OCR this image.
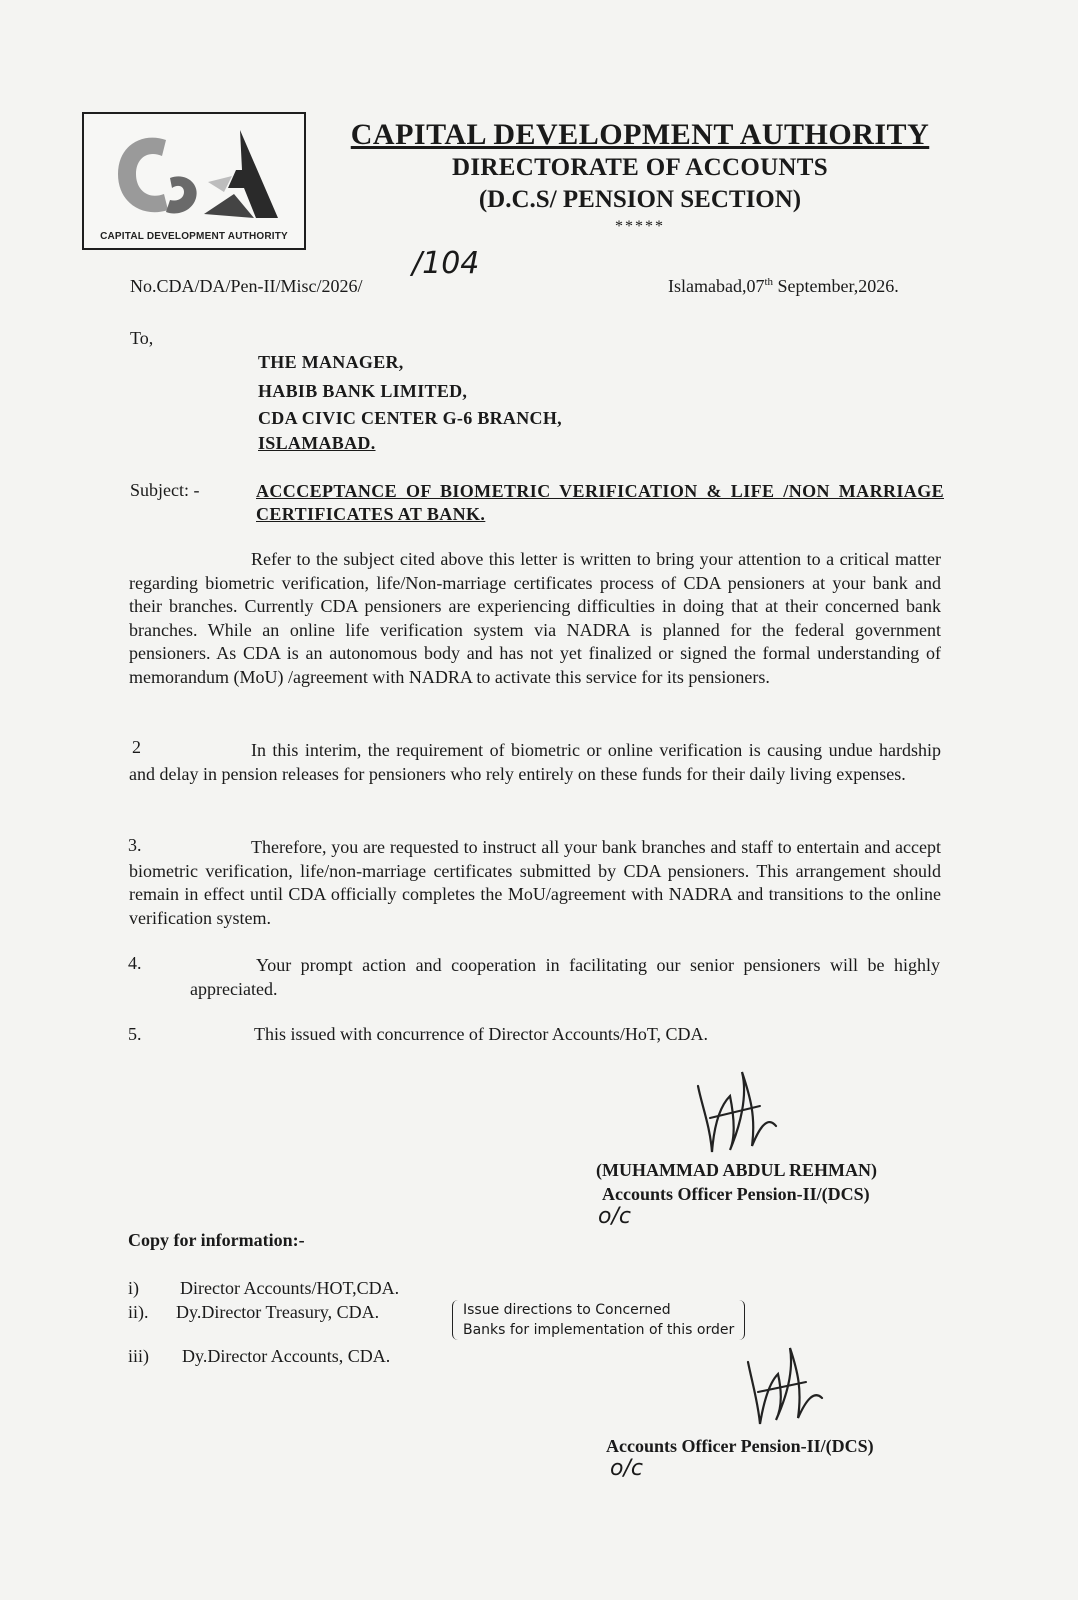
CAPITAL DEVELOPMENT AUTHORITY
CAPITAL DEVELOPMENT AUTHORITY
DIRECTORATE OF ACCOUNTS
(D.C.S/ PENSION SECTION)
*****
No.CDA/DA/Pen-II/Misc/2026/
/104
Islamabad,07th September,2026.
To,
THE MANAGER,
HABIB BANK LIMITED,
CDA CIVIC CENTER G-6 BRANCH,
ISLAMABAD.
Subject: -	ACCCEPTANCE OF BIOMETRIC VERIFICATION & LIFE /NON MARRIAGE CERTIFICATES AT BANK.
Refer to the subject cited above this letter is written to bring your attention to a critical matter regarding biometric verification, life/Non-marriage certificates process of CDA pensioners at your bank and their branches. Currently CDA pensioners are experiencing difficulties in doing that at their concerned bank branches. While an online life verification system via NADRA is planned for the federal government pensioners. As CDA is an autonomous body and has not yet finalized or signed the formal understanding of memorandum (MoU) /agreement with NADRA to activate this service for its pensioners.
2	In this interim, the requirement of biometric or online verification is causing undue hardship and delay in pension releases for pensioners who rely entirely on these funds for their daily living expenses.
3.	Therefore, you are requested to instruct all your bank branches and staff to entertain and accept biometric verification, life/non-marriage certificates submitted by CDA pensioners. This arrangement should remain in effect until CDA officially completes the MoU/agreement with NADRA and transitions to the online verification system.
4.	Your prompt action and cooperation in facilitating our senior pensioners will be highly appreciated.
5.	This issued with concurrence of Director Accounts/HoT, CDA.
(MUHAMMAD ABDUL REHMAN)
Accounts Officer Pension-II/(DCS)
o/c
Copy for information:-
i) Director Accounts/HOT,CDA.
ii). Dy.Director Treasury, CDA.
iii) Dy.Director Accounts, CDA.
Issue directions to Concerned
Banks for implementation of this order
Accounts Officer Pension-II/(DCS)
o/c
